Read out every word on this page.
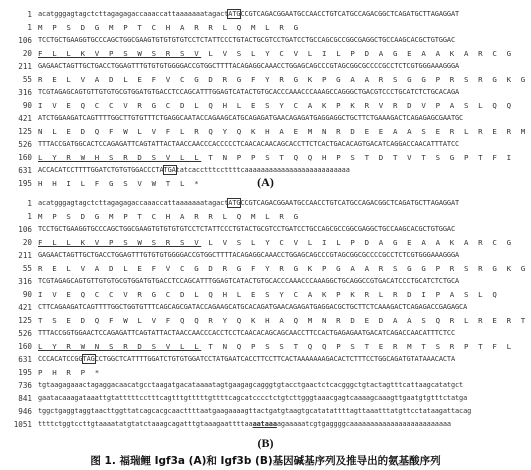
1 acatgggagtagctcttagagagaccaaaccattaaaaaaatagactATGCCGTCAGACGGAATGCCAACCTGTCATGCCAGACGGCTCAGATGCTTAGAGGAT
1 M P S D G M P T C H A R R L Q M L R G
106 TCCTGCTGAAGGTGCCCAGCTGGCGAAGTGTGTGTGTCCTCTATTCCCTGTACTGCGTCCTGATCCTGCCAGCGCCGGCGAGGCTGCCAAGCACGCTGTGGAC
20 F L L K V P S W S R S V L V S L Y C V L I L P D A G E A A K A R C G
211 GAGAACTAGTTGCTGACCTGGAGTTTGTGTGTGGGGACCGTGGCTTTTACAGAGGCAAACCTGGAGCAGCCCGTAGCGGCGCCCCGCCTCTCGTGGGAAAGGGA
55 R E L V A D L E F V C G D R G F Y R G K P G A A R S G G P R S R G K G
316 TCGTAGAGCAGTGTTGTGTGCGTGGATGTGACCTCCAGCATTTGGAGTCATACTGTGCACCCAAACCCAAAGCCAGGGCTGACGTCCCTGCATCTCTGCACAGA
90 I V E Q C C V R G C D L Q H L E S Y C A K P K R V R D V P A S L Q Q
421 ATCTGGAAGATCAGTTTTGGCTTGTGTTTCTGAGGCAATACCAGAAGCATGCAGAGATGAACAGAGATGAGGAGGCTGCTTCTGAAAGACTCAGAGAGCGAATGC
125 N L E D Q F W L V F L R Q Y Q K H A E M N R D E E A A S E R L R E R M
526 TTTACCGATGGCACTCCAGAGATTCAGTATTACTAACCAACCCACCCCCTCAACACAACAGCACCTTCTCACTGACACAGTGACATCAGGACCAACATTTATCC
160 L Y R W H S R D S V L L T N P P S T Q Q H P S T D T V T S G P T F I
631 ACCACATCCTTTTGGATCTGTGTGGACCCTATGAtatcacctttccttttcaaaaaaaaaaaaaaaaaaaaaaaaaa
195 H H I L F G S V W T L *	(A)
1 acatgggagtagctcttagagagaccaaaccattaaaaaaatagactATGCCGTCAGACGGAATGCCAACCTGTCATGCCAGACGGCTCAGATGCTTAGAGGAT
1 M P S D G M P T C H A R R L Q M L R G
106 TCCTGCTGAAGGTGCCCAGCTGGCGAAGTGTGTGTGTCCTCTATTCCCTGTACTGCGTCCTGATCCTGCCAGCGCCGGCGAGGCTGCCAAGCACGCTGTGGAC
20 F L L K V P S W S R S V L V S L Y C V L I L P D A G E A A K A R C G
211 GAGAACTAGTTGCTGACCTGGAGTTTGTGTGTGGGGACCGTGGCTTTTACAGAGGCAAACCTGGAGCAGCCCGTAGCGGCGCCCCGCCTCTCGTGGGAAAGGGA
55 R E L V A D L E F V C G D R G F Y R G K P G A A R S G G P R S R G K G
316 TCGTAGAGCAGTGTTGTGTGCGTGGATGTGACCTCCAGCATTTGGAGTCATACTGTGCACCCAAACCCAAAGGCTGCAGGCCGTGACATCCCTGCATCTCTGCA
90 I V E Q C C V R G C D L Q H L E S Y C A K P K R L R D I P A S L Q
421 CTTCAGAAGATCAGTTTTGGCTGGTGTTTCAGCAGCGATACCAGAAGCATGCACAGATGAACAGAGATGAGGACGCTGCTTCTCAAAGACTCAGAGACCGAGAGCA
125 T S E D Q F W L V F Q Q R Y Q K H A Q M N R D E D A A S Q R L R E R T
526 TTTACCGGTGGAACTCCAGAGATTCAGTATTACTAACCAACCCACCTCCTCAACACAGCAGCAACCTTCCACTGAGAGAATGACATCAGACCAACATTTCTCC
160 L Y R W N S R D S V L L T N Q P S S T Q Q P S T E R M T S R P T F L
631 CCCACATCCGGTAGCCTGGCTCATTTTGGATCTGTGTGGATCCTATGAATCACCTTCCTTCACTAAAAAAAGACACTCTTTCCTGGCAGATGTATAAACACTA
195 P H R P *
736 tgtaagagaaactagaggacaacatgcctaagatgacataaaatagtgaagagcagggtgtacctgaactctcacgggctgtactagtttcattaagcatatgct
841 gaatacaaagataaattgtatttttcctttcagtttgtttttgttttcagcatcccctctgtcttgggtaaacgagtcaaaagcaaagttgaatgtgtttctatga
946 tggctgaggtaggtaacttggttatcagcacgcaacttttaatgaagaaaagttactgatgtaagtgcatatattttagttaaatttatgttcctataagattacag
1051 ttttctggtccttgtaaaatatgtatctaaagcagatttgtaaagaattttaaaataaaagaaaaatcgtgaggggcaaaaaaaaaaaaaaaaaaaaaaaaa
(B)
图 1. 福瑞鲤 Igf3a (A)和 Igf3b (B)基因碱基序列及推导出的氨基酸序列
